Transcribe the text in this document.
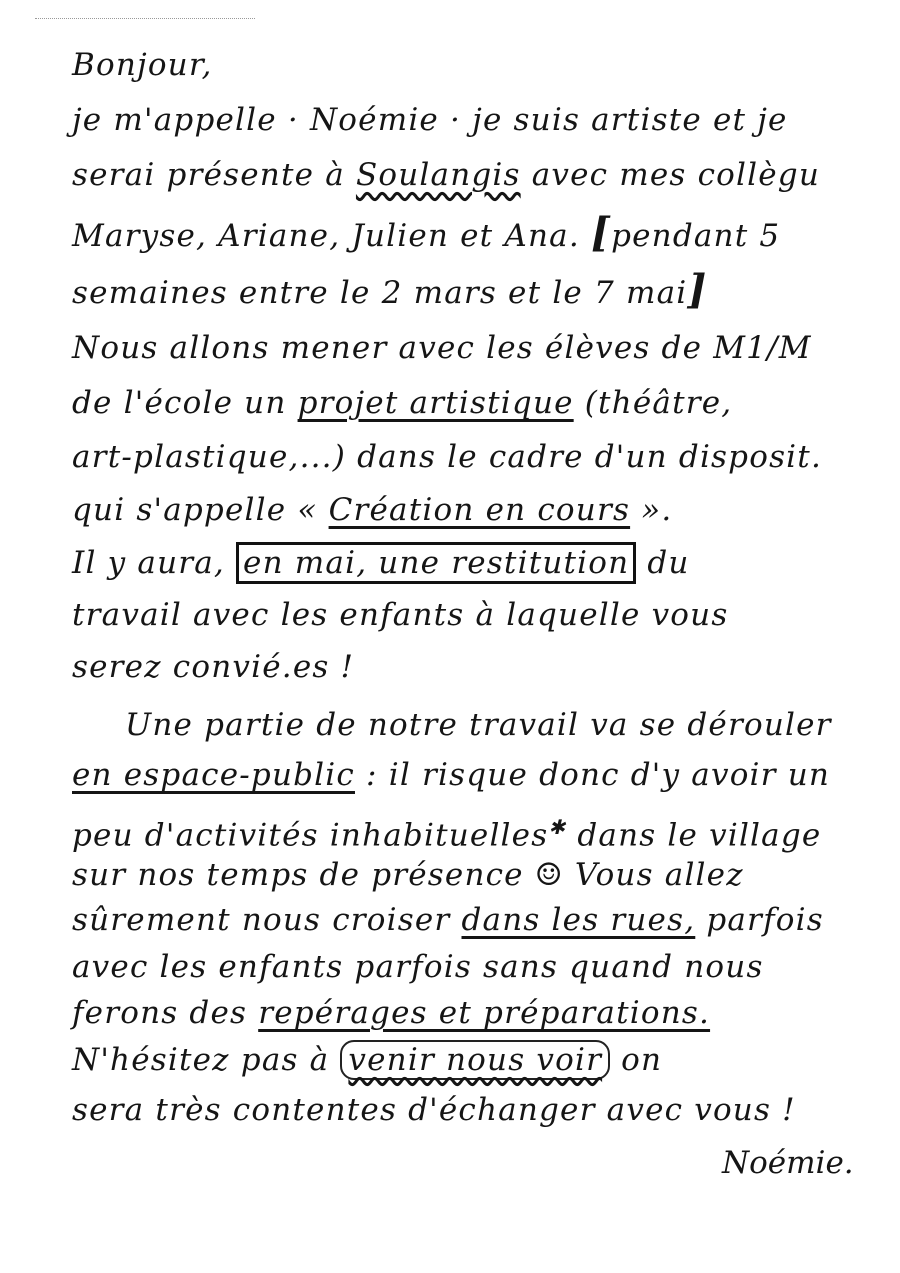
Bonjour,
je m'appelle · Noémie · je suis artiste et je
serai présente à Soulangis avec mes collègu
Maryse, Ariane, Julien et Ana. [pendant 5
semaines entre le 2 mars et le 7 mai]
Nous allons mener avec les élèves de M1/M
de l'école un projet artistique (théâtre,
art-plastique,...) dans le cadre d'un disposit.
qui s'appelle « Création en cours ».
Il y aura, en mai, une restitution du
travail avec les enfants à laquelle vous
serez convié.es !
Une partie de notre travail va se dérouler
en espace-public : il risque donc d'y avoir un
peu d'activités inhabituelles✱ dans le village
sur nos temps de présence ☺ Vous allez
sûrement nous croiser dans les rues, parfois
avec les enfants parfois sans quand nous
ferons des repérages et préparations.
N'hésitez pas à venir nous voir on
sera très contentes d'échanger avec vous !
Noémie.
